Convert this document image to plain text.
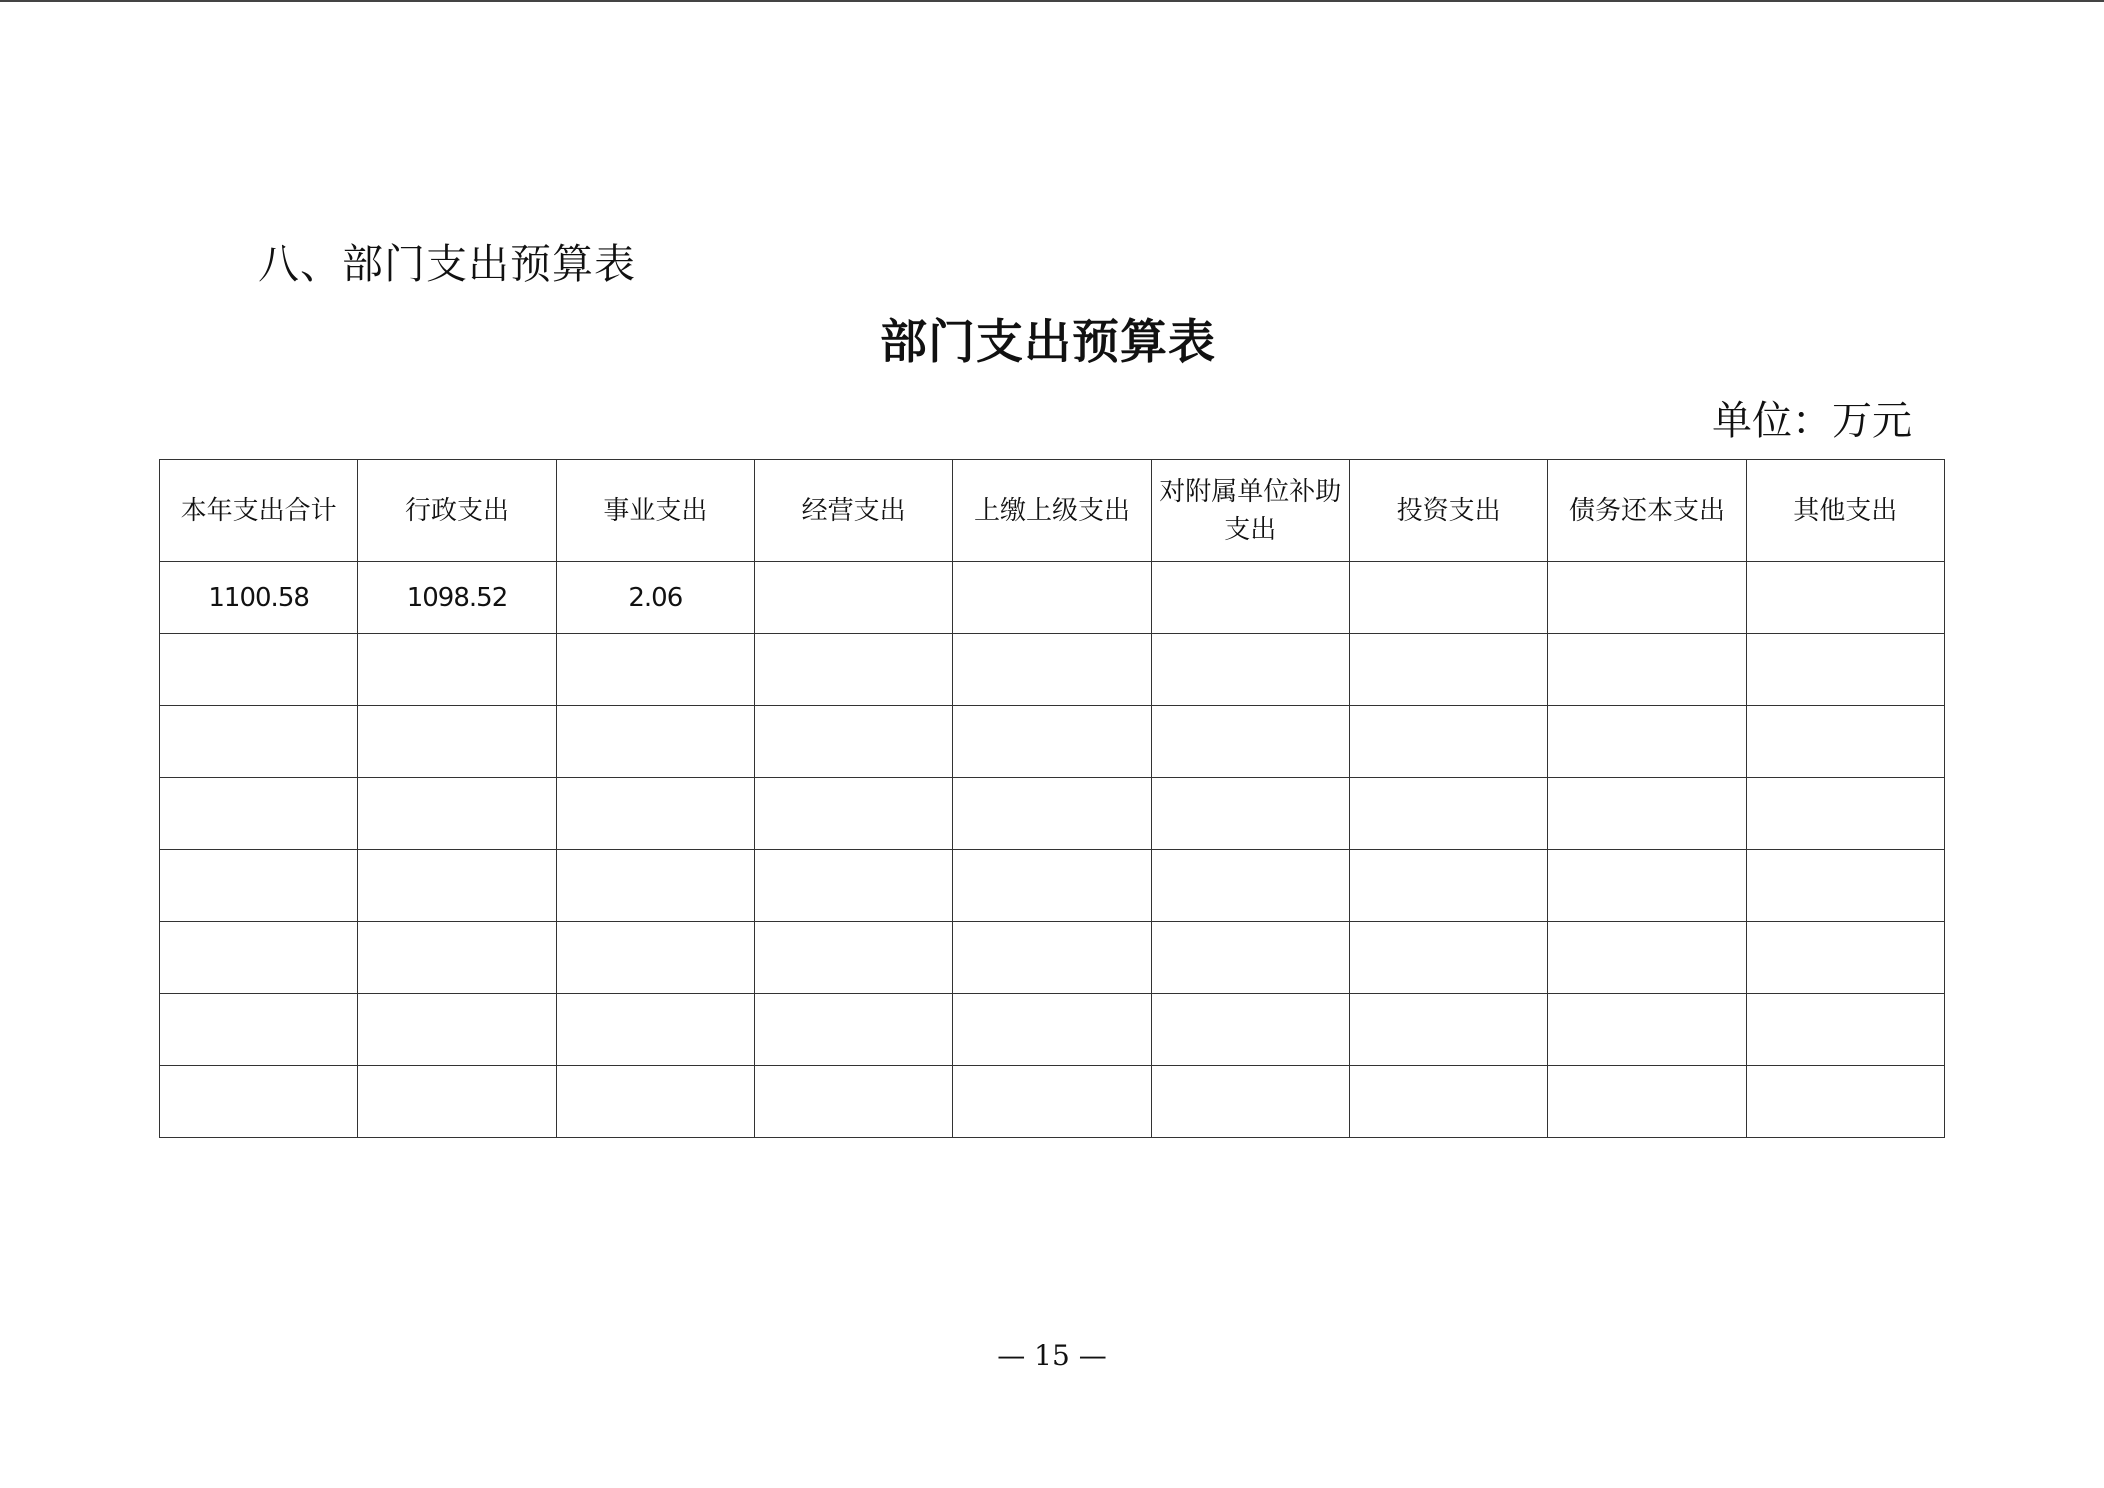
八、部门支出预算表
部门支出预算表
单位：万元
本年支出合计	行政支出	事业支出	经营支出	上缴上级支出	对附属单位补助支出	投资支出	债务还本支出	其他支出
1100.58	1098.52	2.06						

— 15 —
